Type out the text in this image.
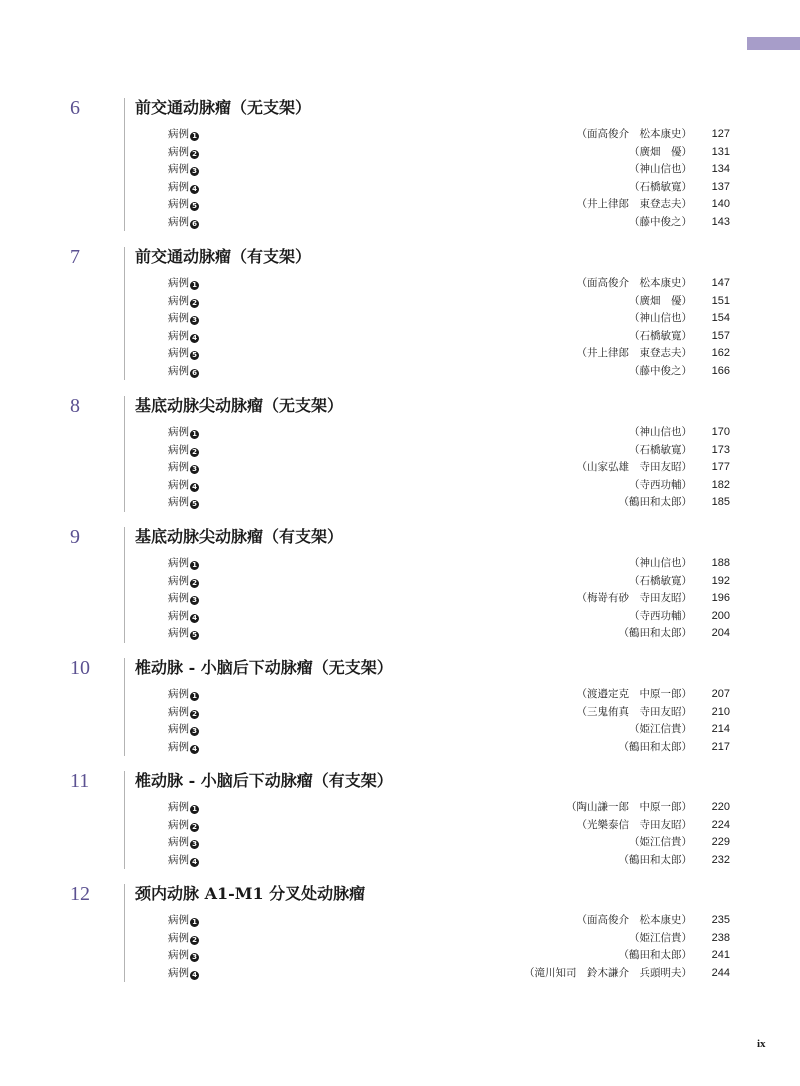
6	前交通动脉瘤（无支架）
病例 1	（面高俊介　松本康史）	127
病例 2	（廣畑　優）	131
病例 3	（神山信也）	134
病例 4	（石橋敏寛）	137
病例 5	（井上律郎　東登志夫）	140
病例 6	（藤中俊之）	143
7	前交通动脉瘤（有支架）
病例 1	（面高俊介　松本康史）	147
病例 2	（廣畑　優）	151
病例 3	（神山信也）	154
病例 4	（石橋敏寛）	157
病例 5	（井上律郎　東登志夫）	162
病例 6	（藤中俊之）	166
8	基底动脉尖动脉瘤（无支架）
病例 1	（神山信也）	170
病例 2	（石橋敏寛）	173
病例 3	（山家弘雄　寺田友昭）	177
病例 4	（寺西功輔）	182
病例 5	（鶴田和太郎）	185
9	基底动脉尖动脉瘤（有支架）
病例 1	（神山信也）	188
病例 2	（石橋敏寛）	192
病例 3	（梅嵜有砂　寺田友昭）	196
病例 4	（寺西功輔）	200
病例 5	（鶴田和太郎）	204
10	椎动脉 - 小脑后下动脉瘤（无支架）
病例 1	（渡邉定克　中原一郎）	207
病例 2	（三鬼侑真　寺田友昭）	210
病例 3	（姫江信貴）	214
病例 4	（鶴田和太郎）	217
11	椎动脉 - 小脑后下动脉瘤（有支架）
病例 1	（陶山謙一郎　中原一郎）	220
病例 2	（光樂泰信　寺田友昭）	224
病例 3	（姫江信貴）	229
病例 4	（鶴田和太郎）	232
12	颈内动脉 A1-M1 分叉处动脉瘤
病例 1	（面高俊介　松本康史）	235
病例 2	（姫江信貴）	238
病例 3	（鶴田和太郎）	241
病例 4	（滝川知司　鈴木謙介　兵頭明夫）	244
ix
